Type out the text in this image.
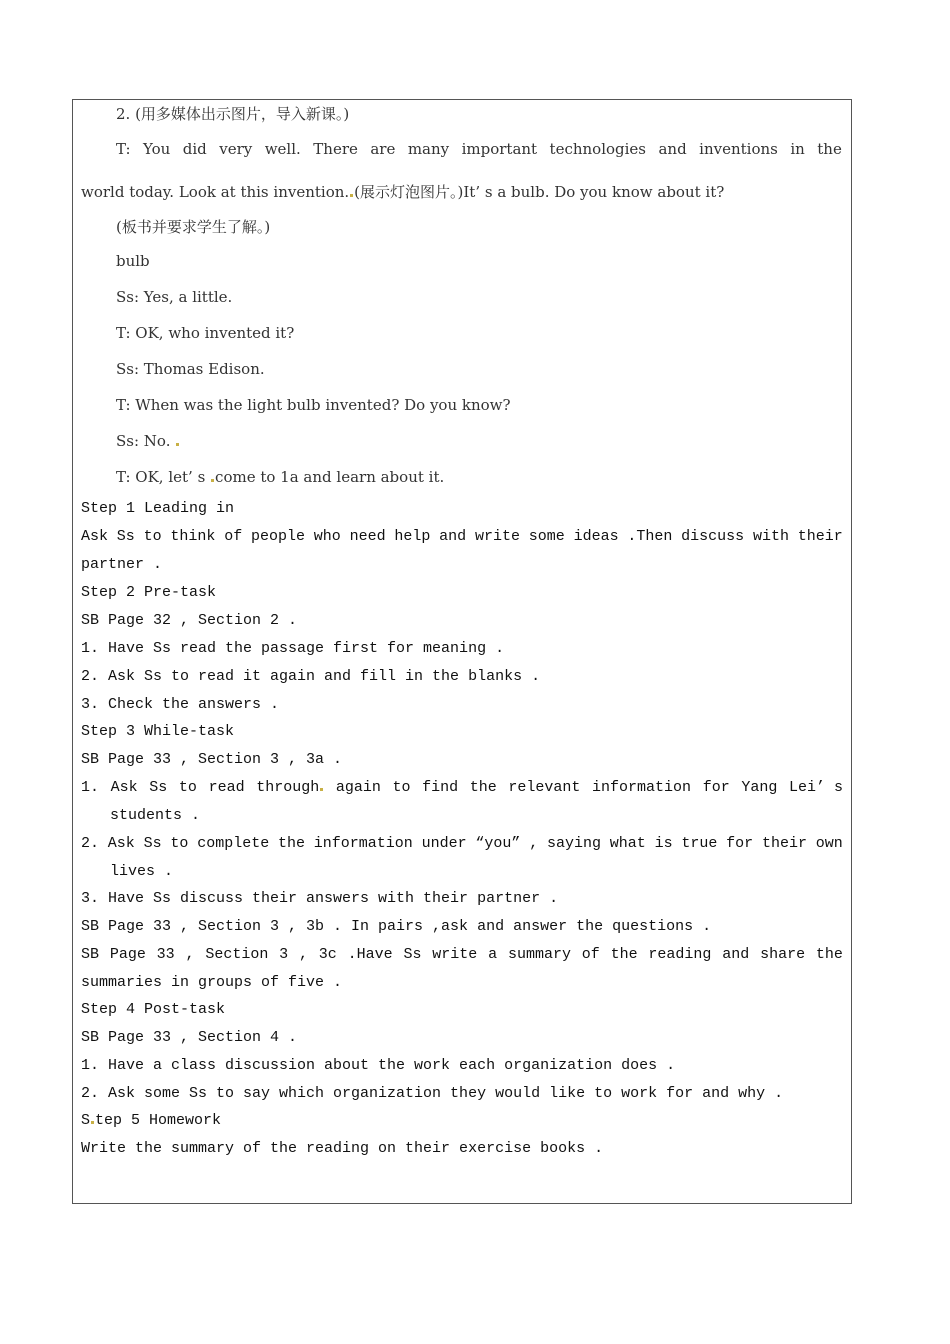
2. (用多媒体出示图片，导入新课。)
T: You did very well. There are many important technologies and inventions in the
world today. Look at this invention. (展示灯泡图片。)It’ s a bulb. Do you know about it?
(板书并要求学生了解。)
bulb
Ss: Yes, a little.
T: OK, who invented it?
Ss: Thomas Edison.
T: When was the light bulb invented? Do you know?
Ss: No.
T: OK, let’ s come to 1a and learn about it.
Step 1 Leading in
Ask Ss to think of people who need help and write some ideas .Then discuss with their
partner .
Step 2 Pre-task
SB Page 32 , Section 2 .
1. Have Ss read the passage first for meaning .
2. Ask Ss to read it again and fill in the blanks .
3. Check the answers .
Step 3 While-task
SB Page 33 , Section 3 , 3a .
1. Ask Ss to read through	again to find the relevant information for Yang Lei’ s
students .
2. Ask Ss to complete the information under “you” , saying what is true for their own
lives .
3. Have Ss discuss their answers with their partner .
SB Page 33 , Section 3 , 3b . In pairs ,ask and answer the questions .
SB Page 33 , Section 3 , 3c .Have Ss write a summary of the reading and share the
summaries in groups of five .
Step 4 Post-task
SB Page 33 , Section 4 .
1. Have a class discussion about the work each organization does .
2. Ask some Ss to say which organization they would like to work for and why .
S tep 5 Homework
Write the summary of the reading on their exercise books .
